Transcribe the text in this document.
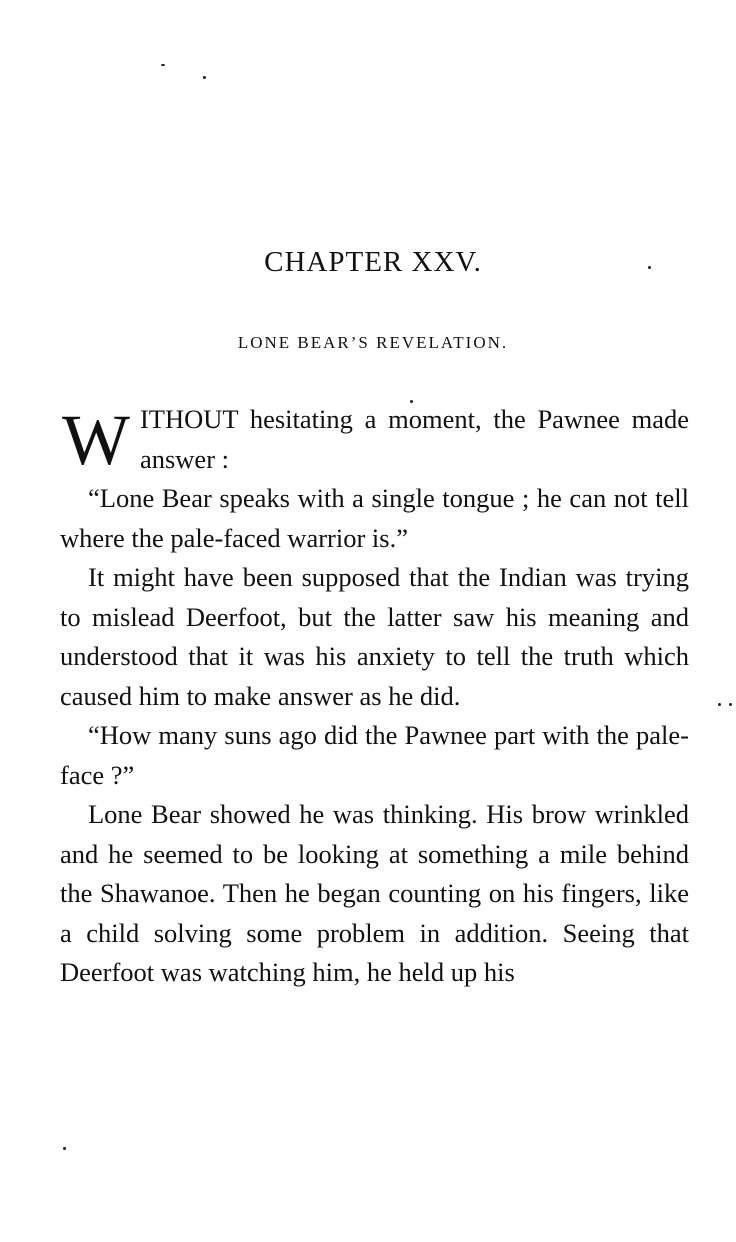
CHAPTER XXV.
LONE BEAR’S REVELATION.

WITHOUT hesitating a moment, the Pawnee made answer :

“Lone Bear speaks with a single tongue ; he can not tell where the pale-faced warrior is.”

It might have been supposed that the Indian was trying to mislead Deerfoot, but the latter saw his meaning and understood that it was his anxiety to tell the truth which caused him to make answer as he did.

“How many suns ago did the Pawnee part with the pale-face ?”

Lone Bear showed he was thinking. His brow wrinkled and he seemed to be looking at something a mile behind the Shawanoe. Then he began counting on his fingers, like a child solving some problem in addition. Seeing that Deerfoot was watching him, he held up his
